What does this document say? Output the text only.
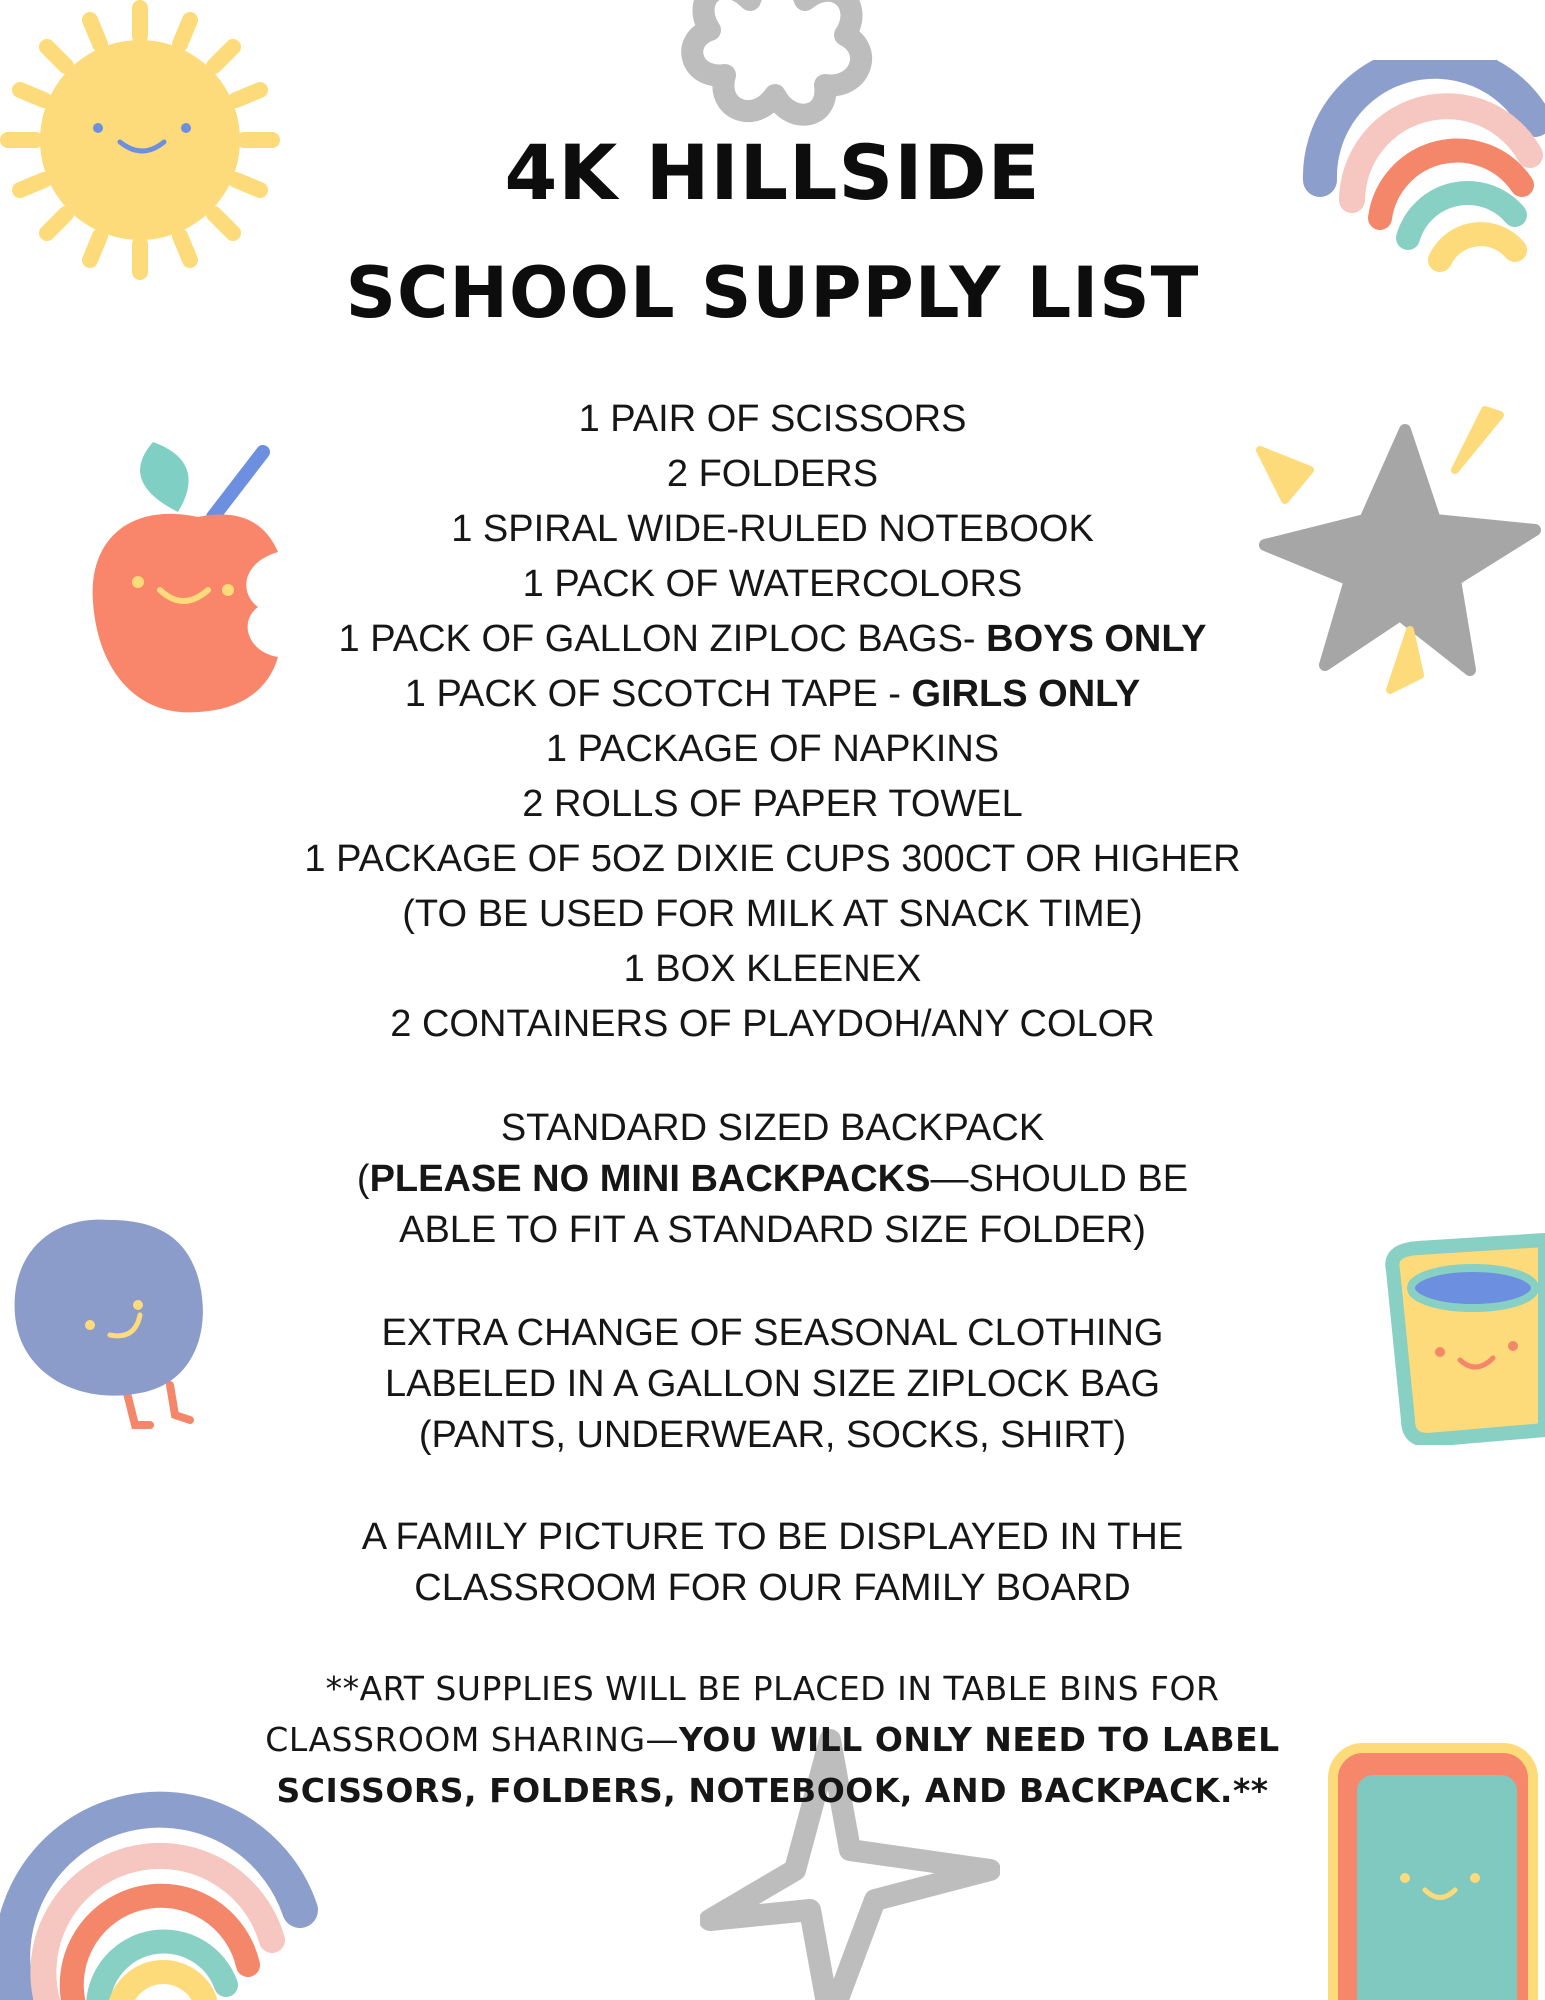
4K HILLSIDE
SCHOOL SUPPLY LIST
1 PAIR OF SCISSORS
2 FOLDERS
1 SPIRAL WIDE-RULED NOTEBOOK
1 PACK OF WATERCOLORS
1 PACK OF GALLON ZIPLOC BAGS- BOYS ONLY
1 PACK OF SCOTCH TAPE - GIRLS ONLY
1 PACKAGE OF NAPKINS
2 ROLLS OF PAPER TOWEL
1 PACKAGE OF 5OZ DIXIE CUPS 300CT OR HIGHER
(TO BE USED FOR MILK AT SNACK TIME)
1 BOX KLEENEX
2 CONTAINERS OF PLAYDOH/ANY COLOR
STANDARD SIZED BACKPACK
(PLEASE NO MINI BACKPACKS—SHOULD BE
ABLE TO FIT A STANDARD SIZE FOLDER)
EXTRA CHANGE OF SEASONAL CLOTHING
LABELED IN A GALLON SIZE ZIPLOCK BAG
(PANTS, UNDERWEAR, SOCKS, SHIRT)
A FAMILY PICTURE TO BE DISPLAYED IN THE
CLASSROOM FOR OUR FAMILY BOARD
**ART SUPPLIES WILL BE PLACED IN TABLE BINS FOR
CLASSROOM SHARING—YOU WILL ONLY NEED TO LABEL
SCISSORS, FOLDERS, NOTEBOOK, AND BACKPACK.**
